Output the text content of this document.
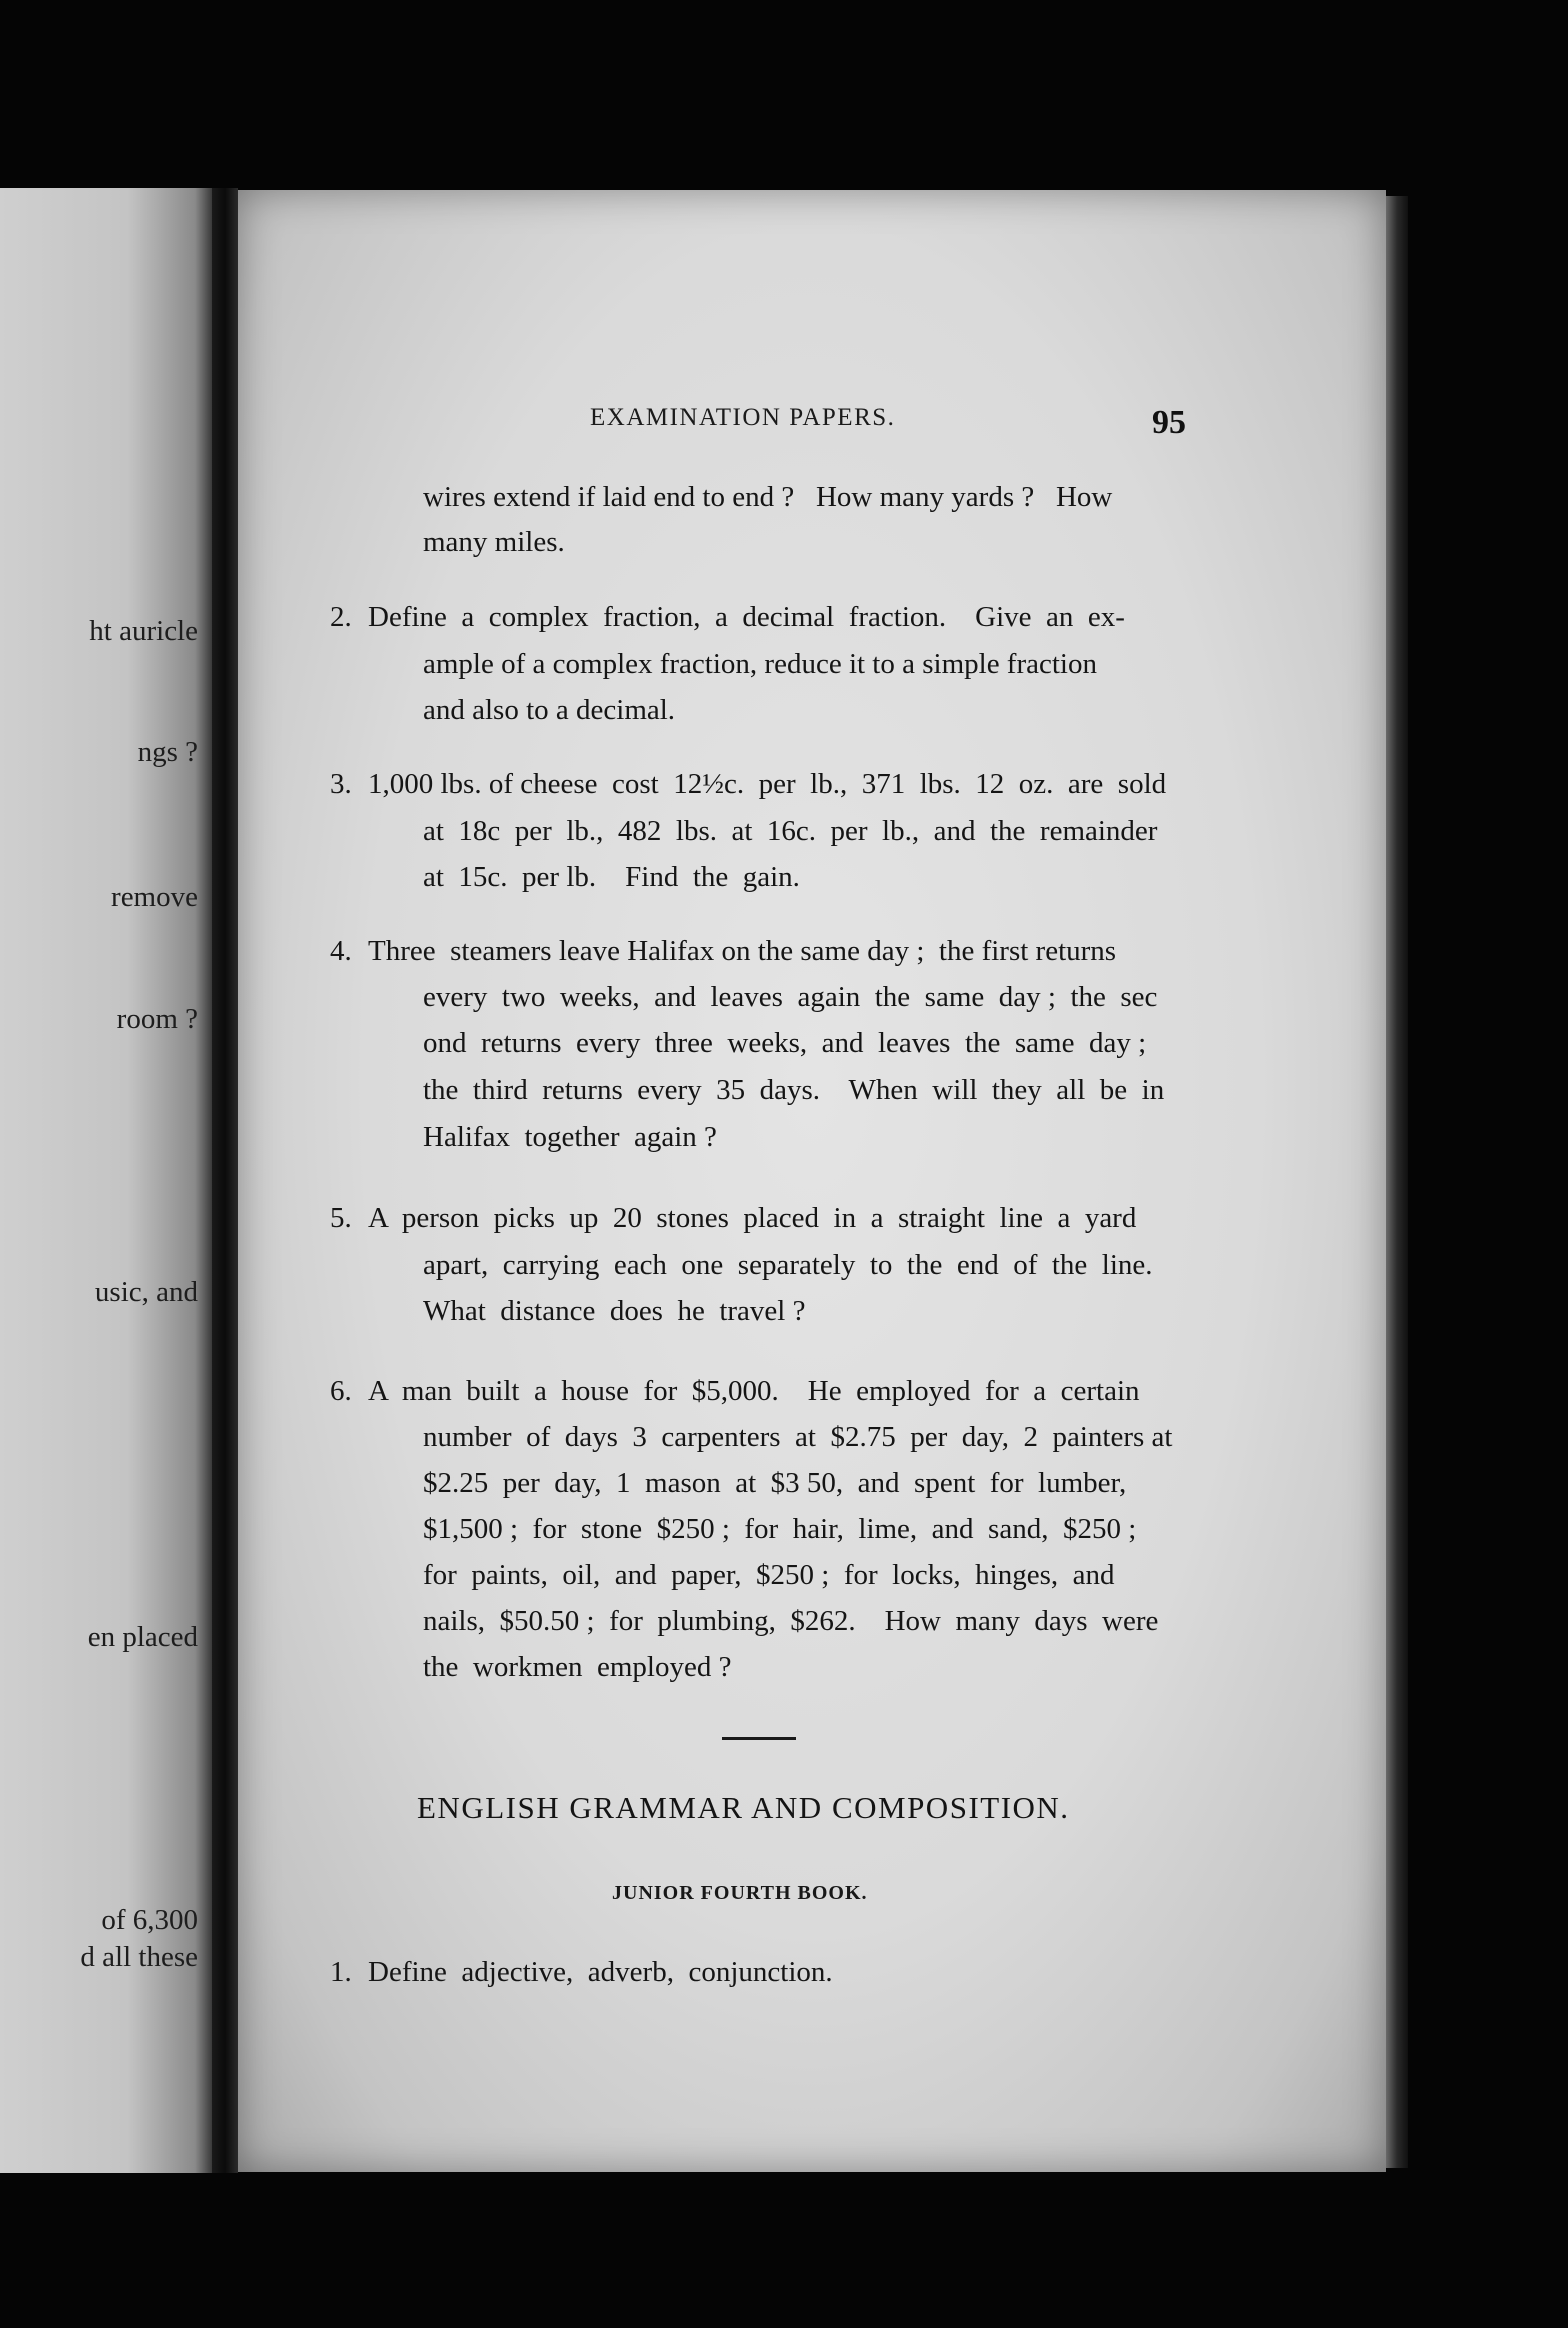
ht auricle
ngs ?
remove
room ?
usic, and
en placed
of 6,300
d all these
EXAMINATION PAPERS.	95
wires extend if laid end to end ?   How many yards ?   How
many miles.
2. Define  a  complex  fraction,  a  decimal  fraction.    Give  an  ex-
ample of a complex fraction, reduce it to a simple fraction
and also to a decimal.
3. 1,000 lbs. of cheese  cost  12½c.  per  lb.,  371  lbs.  12  oz.  are  sold
at  18c  per  lb.,  482  lbs.  at  16c.  per  lb.,  and  the  remainder
at  15c.  per lb.    Find  the  gain.
4. Three  steamers leave Halifax on the same day ;  the first returns
every  two  weeks,  and  leaves  again  the  same  day ;  the  sec
ond  returns  every  three  weeks,  and  leaves  the  same  day ;
the  third  returns  every  35  days.    When  will  they  all  be  in
Halifax  together  again ?
5. A  person  picks  up  20  stones  placed  in  a  straight  line  a  yard
apart,  carrying  each  one  separately  to  the  end  of  the  line.
What  distance  does  he  travel ?
6. A  man  built  a  house  for  $5,000.    He  employed  for  a  certain
number  of  days  3  carpenters  at  $2.75  per  day,  2  painters at
$2.25  per  day,  1  mason  at  $3 50,  and  spent  for  lumber,
$1,500 ;  for  stone  $250 ;  for  hair,  lime,  and  sand,  $250 ;
for  paints,  oil,  and  paper,  $250 ;  for  locks,  hinges,  and
nails,  $50.50 ;  for  plumbing,  $262.    How  many  days  were
the  workmen  employed ?
ENGLISH GRAMMAR AND COMPOSITION.
JUNIOR FOURTH BOOK.
1. Define  adjective,  adverb,  conjunction.
